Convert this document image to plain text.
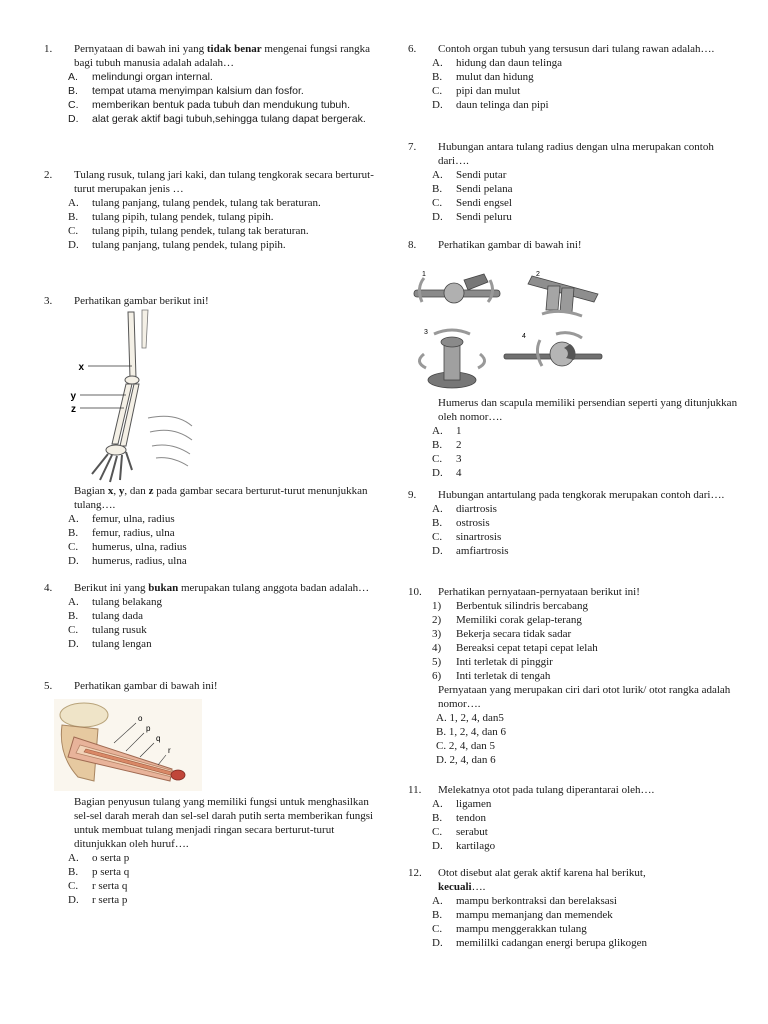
1. Pernyataan di bawah ini yang tidak benar mengenai fungsi rangka bagi tubuh manusia adalah adalah…
A. melindungi organ internal.
B. tempat utama menyimpan kalsium dan fosfor.
C. memberikan bentuk pada tubuh dan mendukung tubuh.
D. alat gerak aktif bagi tubuh,sehingga tulang dapat bergerak.
2. Tulang rusuk, tulang jari kaki, dan tulang tengkorak secara berturut-turut merupakan jenis …
A. tulang panjang, tulang pendek, tulang tak beraturan.
B. tulang pipih, tulang pendek, tulang pipih.
C. tulang pipih, tulang pendek, tulang tak beraturan.
D. tulang panjang, tulang pendek, tulang pipih.
3. Perhatikan gambar berikut ini!
x
y
z
Bagian x, y, dan z pada gambar secara berturut-turut menunjukkan tulang….
A. femur, ulna, radius
B. femur, radius, ulna
C. humerus, ulna, radius
D. humerus, radius, ulna
4. Berikut ini yang bukan merupakan tulang anggota badan adalah…
A. tulang belakang
B. tulang dada
C. tulang rusuk
D. tulang lengan
5. Perhatikan gambar di bawah ini!
o
p
q
r
Bagian penyusun tulang yang memiliki fungsi untuk menghasilkan sel-sel darah merah dan sel-sel darah putih serta memberikan fungsi untuk membuat tulang menjadi ringan secara berturut-turut ditunjukkan oleh huruf….
A. o serta p
B. p serta q
C. r serta q
D. r serta p
6. Contoh organ tubuh yang tersusun dari tulang rawan adalah….
A. hidung dan daun telinga
B. mulut dan hidung
C. pipi dan mulut
D. daun telinga dan pipi
7. Hubungan antara tulang radius dengan ulna merupakan contoh dari….
A. Sendi putar
B. Sendi pelana
C. Sendi engsel
D. Sendi peluru
8. Perhatikan gambar di bawah ini!
1	2
3
4
Humerus dan scapula memiliki persendian seperti yang ditunjukkan oleh nomor….
A. 1
B. 2
C. 3
D. 4
9. Hubungan antartulang pada tengkorak merupakan contoh dari….
A. diartrosis
B. ostrosis
C. sinartrosis
D. amfiartrosis
10. Perhatikan pernyataan-pernyataan berikut ini!
1) Berbentuk silindris bercabang
2) Memiliki corak gelap-terang
3) Bekerja secara tidak sadar
4) Bereaksi cepat tetapi cepat lelah
5) Inti terletak di pinggir
6) Inti terletak di tengah
Pernyataan yang merupakan ciri dari otot lurik/ otot rangka adalah nomor….
A. 1, 2, 4, dan5
B. 1, 2, 4, dan 6
C. 2, 4, dan 5
D. 2, 4, dan 6
11. Melekatnya otot pada tulang diperantarai oleh….
A. ligamen
B. tendon
C. serabut
D. kartilago
12. Otot disebut alat gerak aktif karena hal berikut,
kecuali….
A. mampu berkontraksi dan berelaksasi
B. mampu memanjang dan memendek
C. mampu menggerakkan tulang
D. memililki cadangan energi berupa glikogen
